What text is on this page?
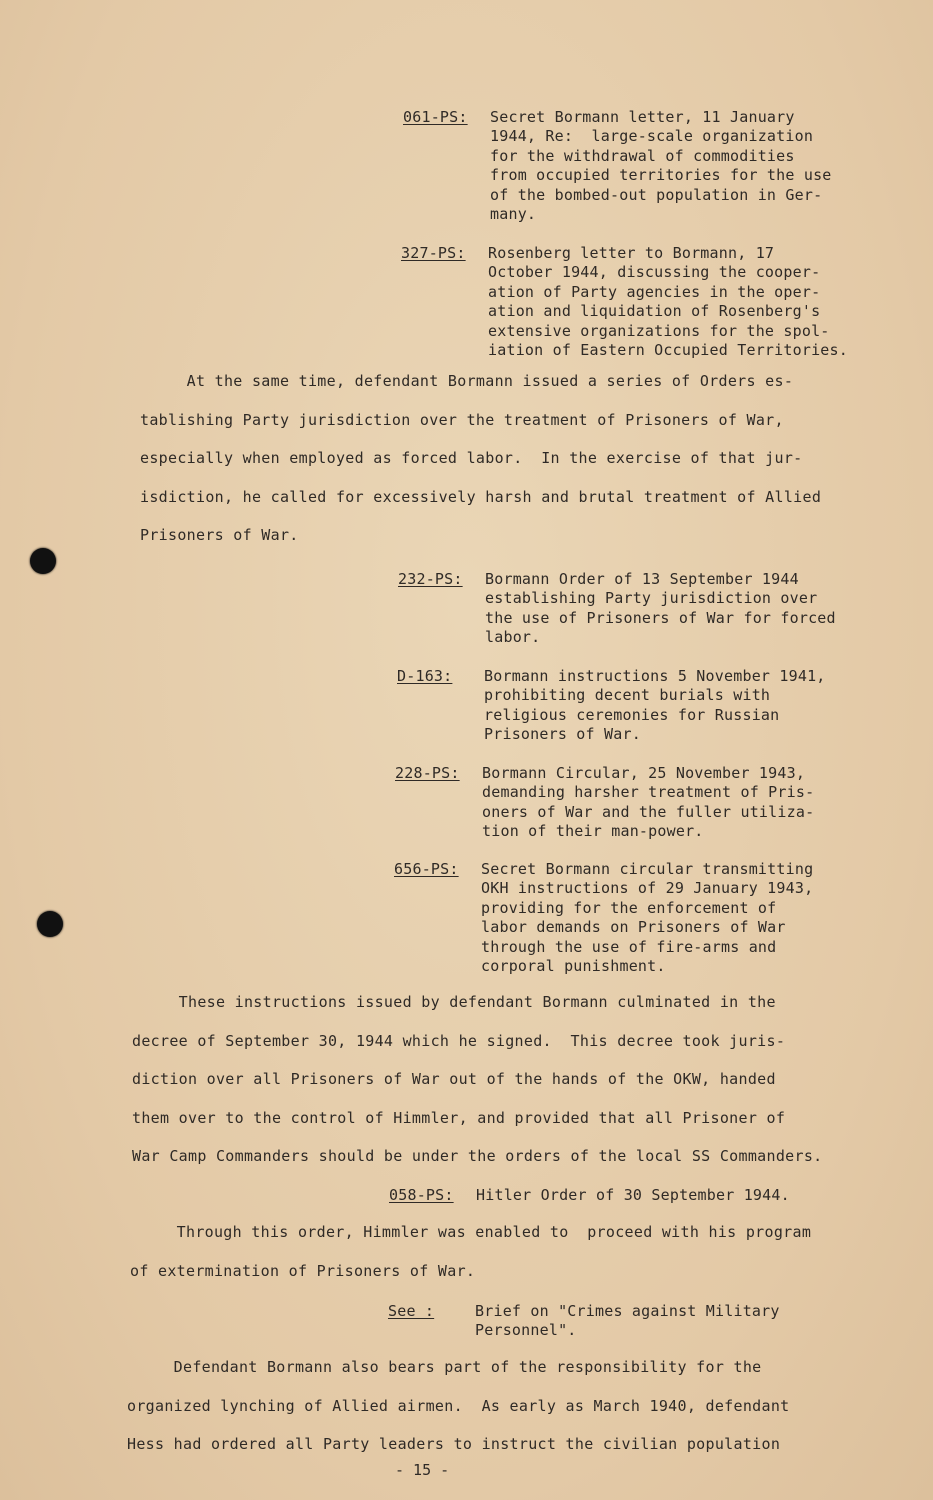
061-PS: Secret Bormann letter, 11 January
1944, Re:  large-scale organization
for the withdrawal of commodities
from occupied territories for the use
of the bombed-out population in Ger-
many.
327-PS: Rosenberg letter to Bormann, 17
October 1944, discussing the cooper-
ation of Party agencies in the oper-
ation and liquidation of Rosenberg's
extensive organizations for the spol-
iation of Eastern Occupied Territories.
At the same time, defendant Bormann issued a series of Orders es-
tablishing Party jurisdiction over the treatment of Prisoners of War,
especially when employed as forced labor.  In the exercise of that jur-
isdiction, he called for excessively harsh and brutal treatment of Allied
Prisoners of War.
232-PS: Bormann Order of 13 September 1944
establishing Party jurisdiction over
the use of Prisoners of War for forced
labor.
D-163: Bormann instructions 5 November 1941,
prohibiting decent burials with
religious ceremonies for Russian
Prisoners of War.
228-PS: Bormann Circular, 25 November 1943,
demanding harsher treatment of Pris-
oners of War and the fuller utiliza-
tion of their man-power.
656-PS: Secret Bormann circular transmitting
OKH instructions of 29 January 1943,
providing for the enforcement of
labor demands on Prisoners of War
through the use of fire-arms and
corporal punishment.
These instructions issued by defendant Bormann culminated in the
decree of September 30, 1944 which he signed.  This decree took juris-
diction over all Prisoners of War out of the hands of the OKW, handed
them over to the control of Himmler, and provided that all Prisoner of
War Camp Commanders should be under the orders of the local SS Commanders.
058-PS: Hitler Order of 30 September 1944.
Through this order, Himmler was enabled to  proceed with his program
of extermination of Prisoners of War.
See :	Brief on "Crimes against Military
Personnel".
Defendant Bormann also bears part of the responsibility for the
organized lynching of Allied airmen.  As early as March 1940, defendant
Hess had ordered all Party leaders to instruct the civilian population
- 15 -
